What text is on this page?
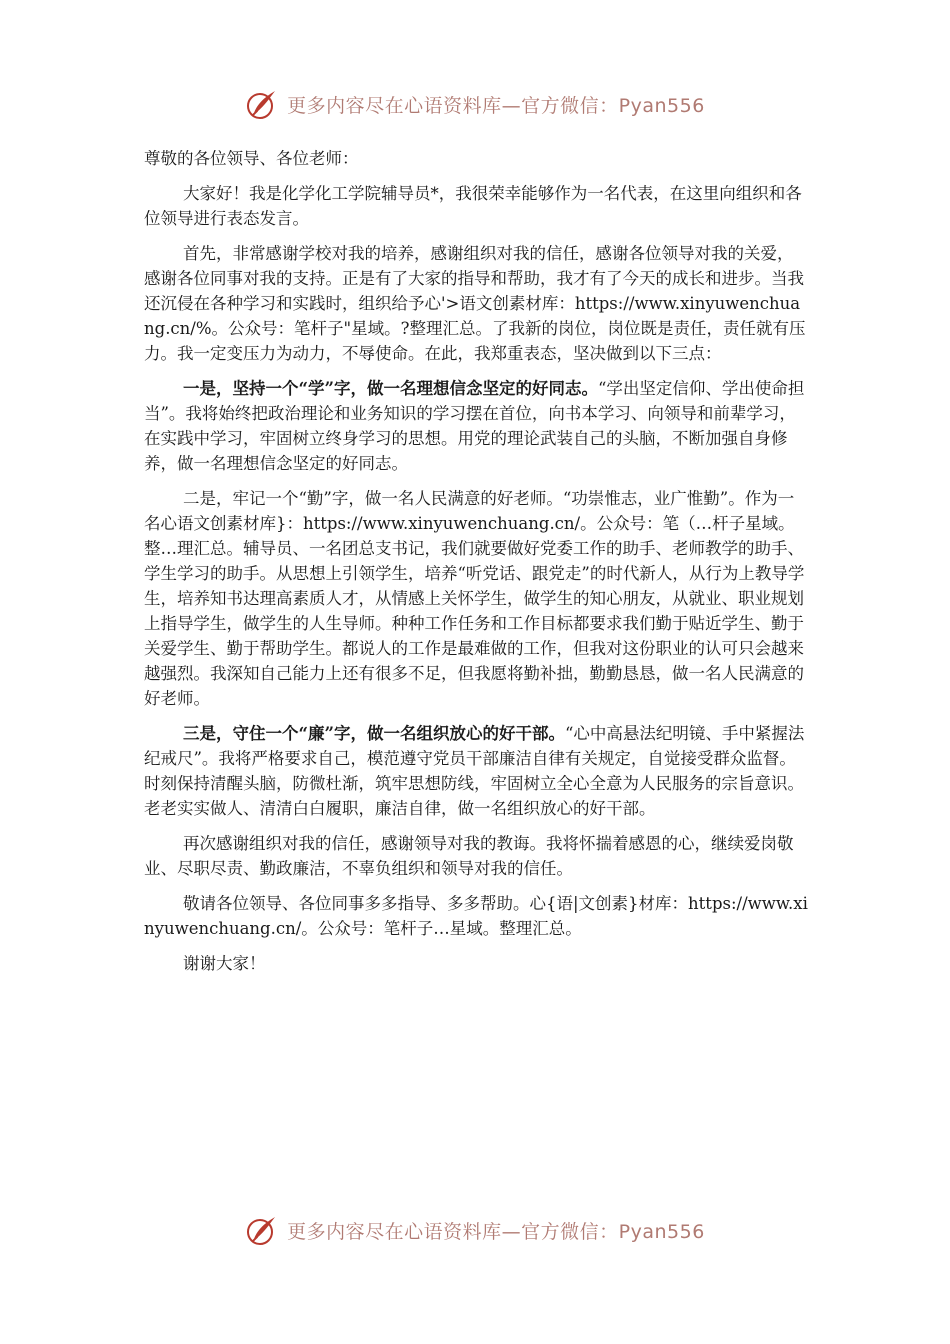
更多内容尽在心语资料库—官方微信：Pyan556

尊敬的各位领导、各位老师：

大家好！我是化学化工学院辅导员*，我很荣幸能够作为一名代表，在这里向组织和各位领导进行表态发言。

首先，非常感谢学校对我的培养，感谢组织对我的信任，感谢各位领导对我的关爱，感谢各位同事对我的支持。正是有了大家的指导和帮助，我才有了今天的成长和进步。当我还沉侵在各种学习和实践时，组织给予心'>语文创素材库：https://www.xinyuwenchuang.cn/%。公众号：笔杆子"星域。?整理汇总。了我新的岗位，岗位既是责任，责任就有压力。我一定变压力为动力，不辱使命。在此，我郑重表态，坚决做到以下三点：

一是，坚持一个“学”字，做一名理想信念坚定的好同志。“学出坚定信仰、学出使命担当”。我将始终把政治理论和业务知识的学习摆在首位，向书本学习、向领导和前辈学习，在实践中学习，牢固树立终身学习的思想。用党的理论武装自己的头脑，不断加强自身修养，做一名理想信念坚定的好同志。

二是，牢记一个“勤”字，做一名人民满意的好老师。“功崇惟志，业广惟勤”。作为一名心语文创素材库}：https://www.xinyuwenchuang.cn/。公众号：笔（…杆子星域。整…理汇总。辅导员、一名团总支书记，我们就要做好党委工作的助手、老师教学的助手、学生学习的助手。从思想上引领学生，培养“听党话、跟党走”的时代新人，从行为上教导学生，培养知书达理高素质人才，从情感上关怀学生，做学生的知心朋友，从就业、职业规划上指导学生，做学生的人生导师。种种工作任务和工作目标都要求我们勤于贴近学生、勤于关爱学生、勤于帮助学生。都说人的工作是最难做的工作，但我对这份职业的认可只会越来越强烈。我深知自己能力上还有很多不足，但我愿将勤补拙，勤勤恳恳，做一名人民满意的好老师。

三是，守住一个“廉”字，做一名组织放心的好干部。“心中高悬法纪明镜、手中紧握法纪戒尺”。我将严格要求自己，模范遵守党员干部廉洁自律有关规定，自觉接受群众监督。时刻保持清醒头脑，防微杜渐，筑牢思想防线，牢固树立全心全意为人民服务的宗旨意识。老老实实做人、清清白白履职，廉洁自律，做一名组织放心的好干部。

再次感谢组织对我的信任，感谢领导对我的教诲。我将怀揣着感恩的心，继续爱岗敬业、尽职尽责、勤政廉洁，不辜负组织和领导对我的信任。

敬请各位领导、各位同事多多指导、多多帮助。心{语|文创素}材库：https://www.xinyuwenchuang.cn/。公众号：笔杆子…星域。整理汇总。

谢谢大家！

更多内容尽在心语资料库—官方微信：Pyan556
